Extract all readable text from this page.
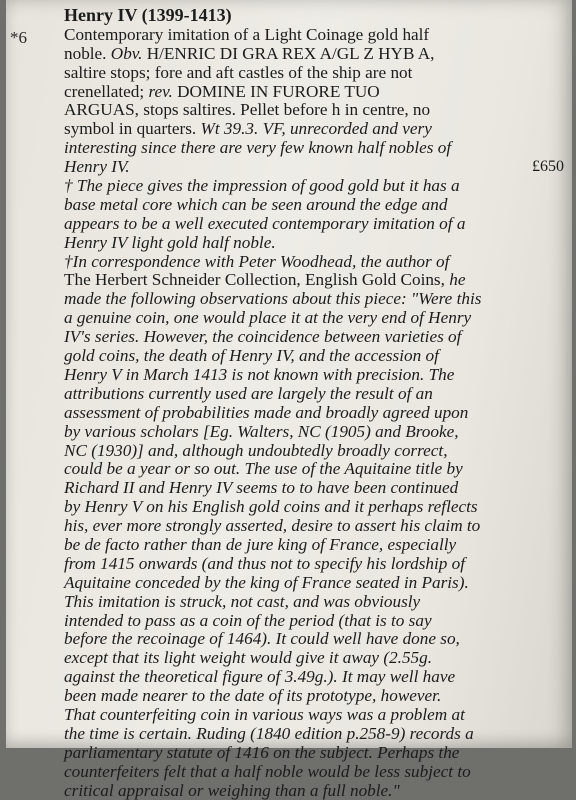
*6
Henry IV (1399-1413)
Contemporary imitation of a Light Coinage gold half
noble. Obv. H/ENRIC DI GRA REX A/GL Z HYB A,
saltire stops; fore and aft castles of the ship are not
crenellated; rev. DOMINE IN FURORE TUO
ARGUAS, stops saltires. Pellet before h in centre, no
symbol in quarters. Wt 39.3. VF, unrecorded and very
interesting since there are very few known half nobles of
Henry IV.	£650
† The piece gives the impression of good gold but it has a
base metal core which can be seen around the edge and
appears to be a well executed contemporary imitation of a
Henry IV light gold half noble.
†In correspondence with Peter Woodhead, the author of
The Herbert Schneider Collection, English Gold Coins, he
made the following observations about this piece: "Were this
a genuine coin, one would place it at the very end of Henry
IV's series. However, the coincidence between varieties of
gold coins, the death of Henry IV, and the accession of
Henry V in March 1413 is not known with precision. The
attributions currently used are largely the result of an
assessment of probabilities made and broadly agreed upon
by various scholars [Eg. Walters, NC (1905) and Brooke,
NC (1930)] and, although undoubtedly broadly correct,
could be a year or so out. The use of the Aquitaine title by
Richard II and Henry IV seems to to have been continued
by Henry V on his English gold coins and it perhaps reflects
his, ever more strongly asserted, desire to assert his claim to
be de facto rather than de jure king of France, especially
from 1415 onwards (and thus not to specify his lordship of
Aquitaine conceded by the king of France seated in Paris).
This imitation is struck, not cast, and was obviously
intended to pass as a coin of the period (that is to say
before the recoinage of 1464). It could well have done so,
except that its light weight would give it away (2.55g.
against the theoretical figure of 3.49g.). It may well have
been made nearer to the date of its prototype, however.
That counterfeiting coin in various ways was a problem at
the time is certain. Ruding (1840 edition p.258-9) records a
parliamentary statute of 1416 on the subject. Perhaps the
counterfeiters felt that a half noble would be less subject to
critical appraisal or weighing than a full noble."
